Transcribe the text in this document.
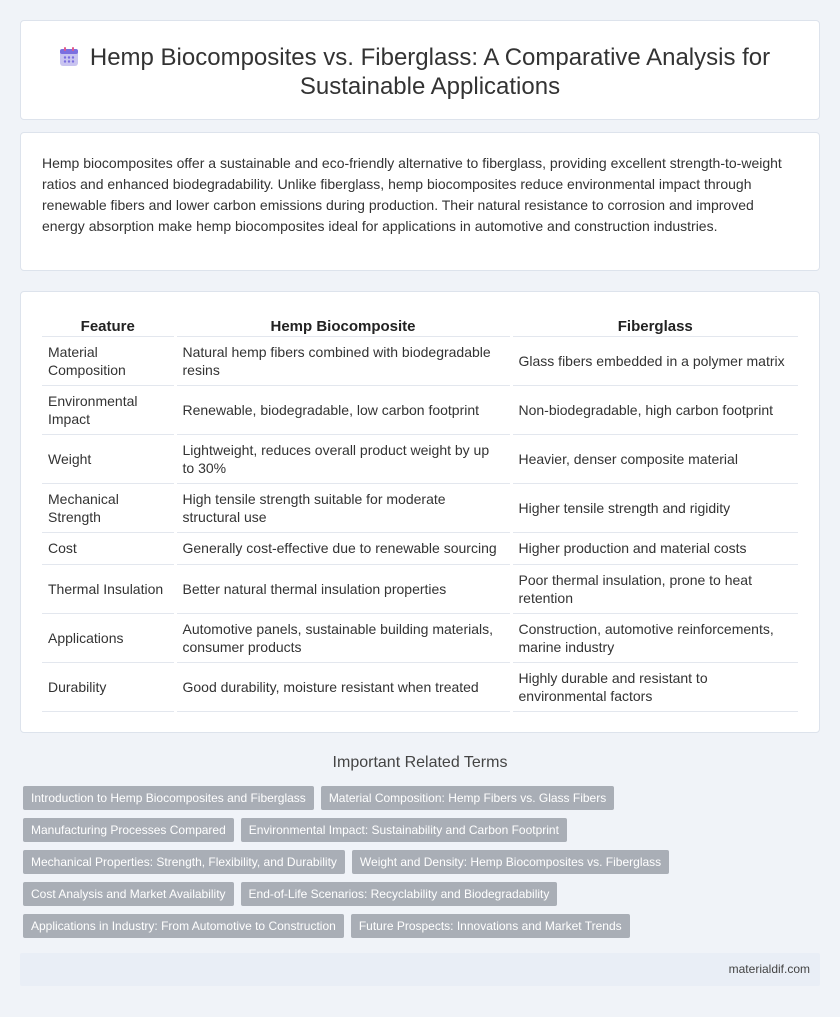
Hemp Biocomposites vs. Fiberglass: A Comparative Analysis for Sustainable Applications

Hemp biocomposites offer a sustainable and eco-friendly alternative to fiberglass, providing excellent strength-to-weight ratios and enhanced biodegradability. Unlike fiberglass, hemp biocomposites reduce environmental impact through renewable fibers and lower carbon emissions during production. Their natural resistance to corrosion and improved energy absorption make hemp biocomposites ideal for applications in automotive and construction industries.

Feature	Hemp Biocomposite	Fiberglass
Material Composition	Natural hemp fibers combined with biodegradable resins	Glass fibers embedded in a polymer matrix
Environmental Impact	Renewable, biodegradable, low carbon footprint	Non-biodegradable, high carbon footprint
Weight	Lightweight, reduces overall product weight by up to 30%	Heavier, denser composite material
Mechanical Strength	High tensile strength suitable for moderate structural use	Higher tensile strength and rigidity
Cost	Generally cost-effective due to renewable sourcing	Higher production and material costs
Thermal Insulation	Better natural thermal insulation properties	Poor thermal insulation, prone to heat retention
Applications	Automotive panels, sustainable building materials, consumer products	Construction, automotive reinforcements, marine industry
Durability	Good durability, moisture resistant when treated	Highly durable and resistant to environmental factors
Important Related Terms
Introduction to Hemp Biocomposites and Fiberglass	Material Composition: Hemp Fibers vs. Glass Fibers
Manufacturing Processes Compared	Environmental Impact: Sustainability and Carbon Footprint
Mechanical Properties: Strength, Flexibility, and Durability	Weight and Density: Hemp Biocomposites vs. Fiberglass
Cost Analysis and Market Availability	End-of-Life Scenarios: Recyclability and Biodegradability
Applications in Industry: From Automotive to Construction	Future Prospects: Innovations and Market Trends
materialdif.com
